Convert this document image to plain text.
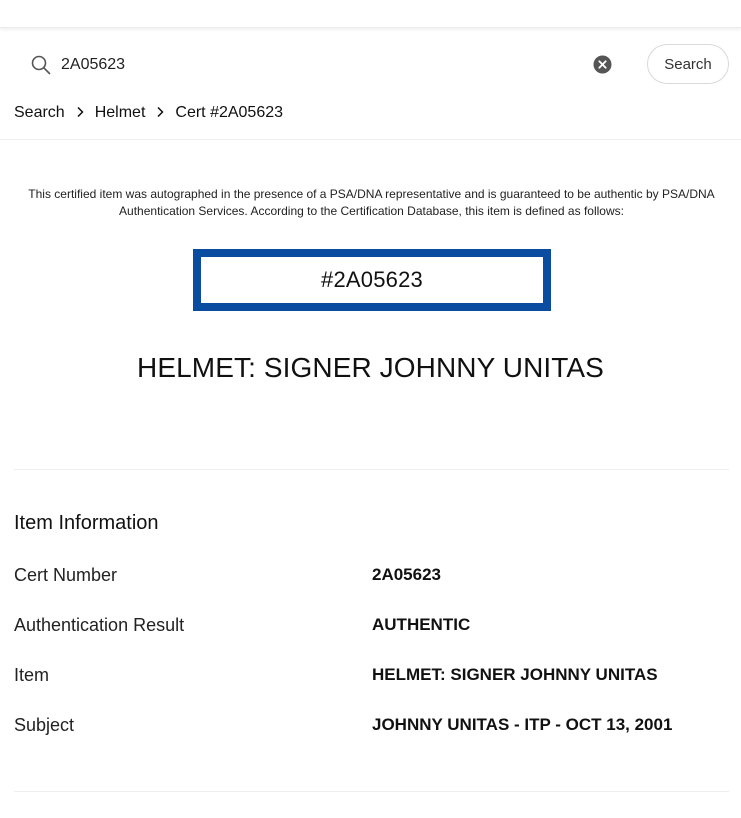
2A05623
Search
Search Helmet Cert #2A05623

This certified item was autographed in the presence of a PSA/DNA representative and is guaranteed to be authentic by PSA/DNA Authentication Services. According to the Certification Database, this item is defined as follows:

#2A05623
HELMET: SIGNER JOHNNY UNITAS
Item Information
Cert Number	2A05623
Authentication Result	AUTHENTIC
Item	HELMET: SIGNER JOHNNY UNITAS
Subject	JOHNNY UNITAS - ITP - OCT 13, 2001
